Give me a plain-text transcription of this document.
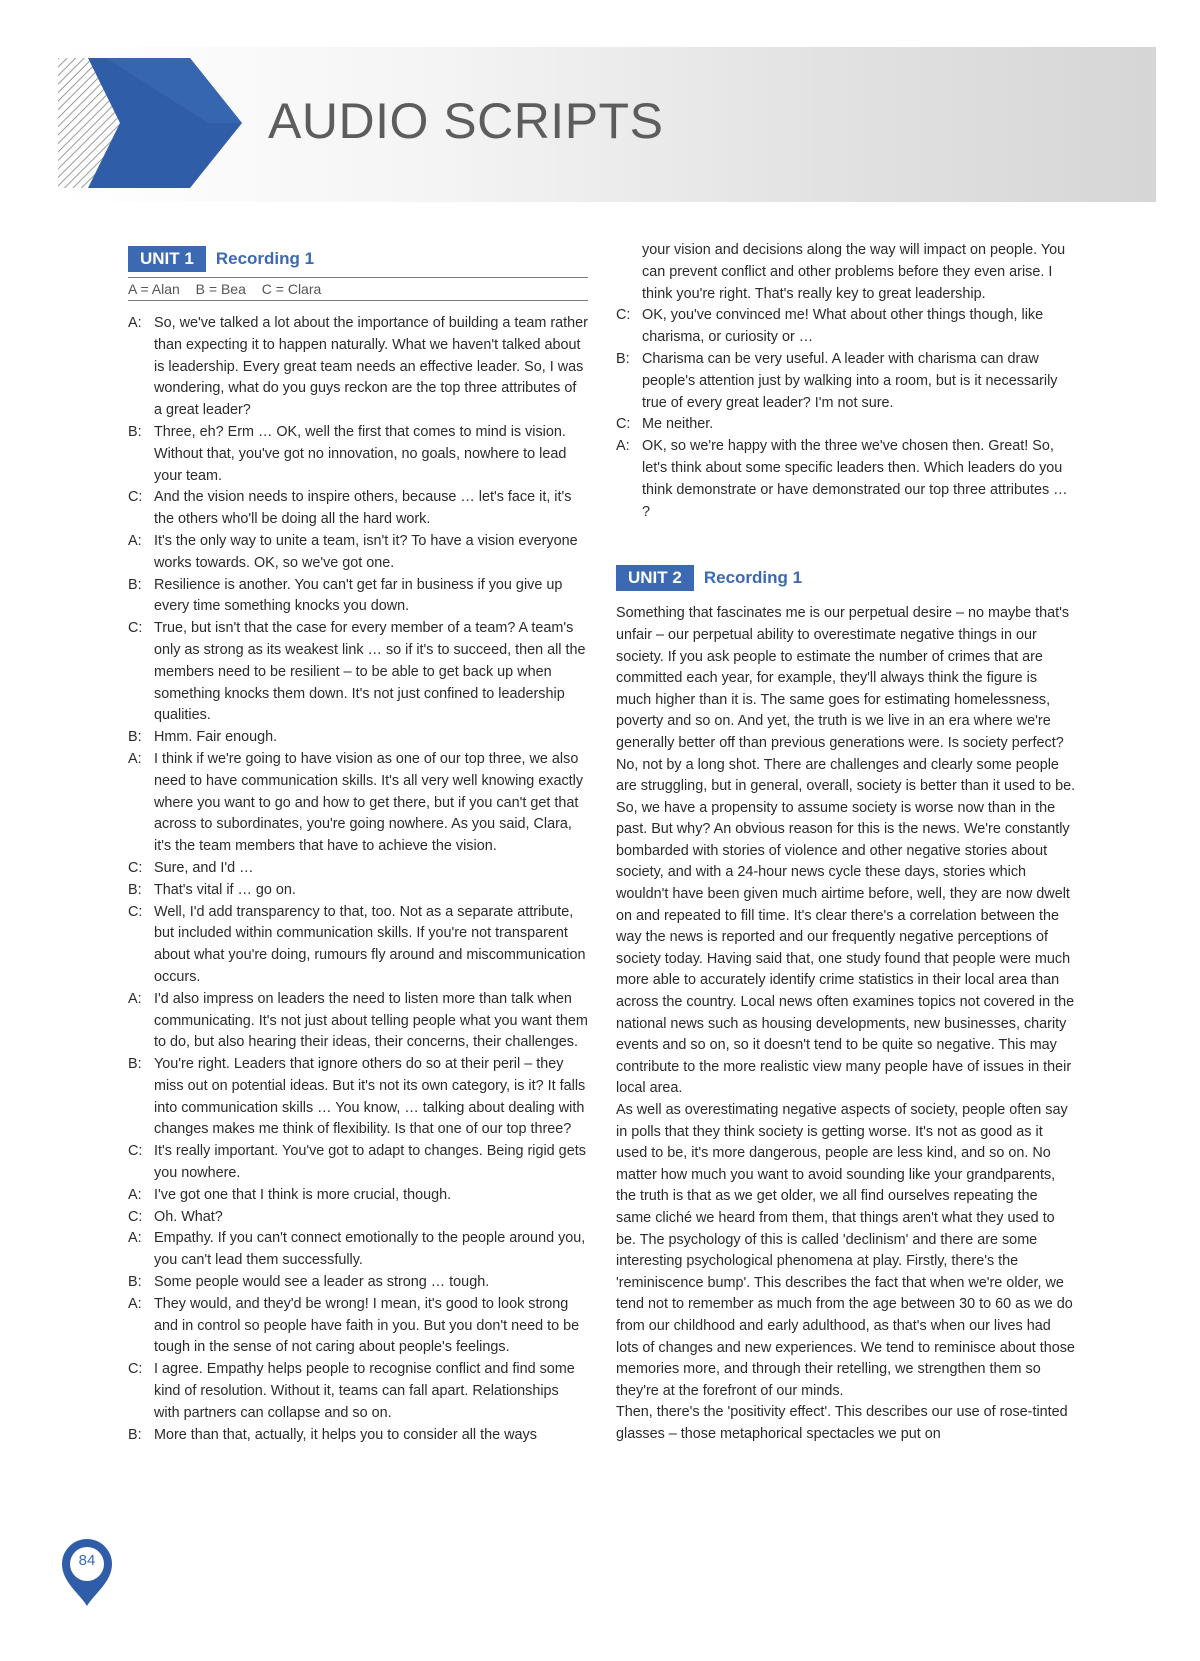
AUDIO SCRIPTS
UNIT 1	Recording 1
A = Alan B = Bea C = Clara
A: So, we've talked a lot about the importance of building a team rather than expecting it to happen naturally. What we haven't talked about is leadership. Every great team needs an effective leader. So, I was wondering, what do you guys reckon are the top three attributes of a great leader?
B: Three, eh? Erm … OK, well the first that comes to mind is vision. Without that, you've got no innovation, no goals, nowhere to lead your team.
C: And the vision needs to inspire others, because … let's face it, it's the others who'll be doing all the hard work.
A: It's the only way to unite a team, isn't it? To have a vision everyone works towards. OK, so we've got one.
B: Resilience is another. You can't get far in business if you give up every time something knocks you down.
C: True, but isn't that the case for every member of a team? A team's only as strong as its weakest link … so if it's to succeed, then all the members need to be resilient – to be able to get back up when something knocks them down. It's not just confined to leadership qualities.
B: Hmm. Fair enough.
A: I think if we're going to have vision as one of our top three, we also need to have communication skills. It's all very well knowing exactly where you want to go and how to get there, but if you can't get that across to subordinates, you're going nowhere. As you said, Clara, it's the team members that have to achieve the vision.
C: Sure, and I'd …
B: That's vital if … go on.
C: Well, I'd add transparency to that, too. Not as a separate attribute, but included within communication skills. If you're not transparent about what you're doing, rumours fly around and miscommunication occurs.
A: I'd also impress on leaders the need to listen more than talk when communicating. It's not just about telling people what you want them to do, but also hearing their ideas, their concerns, their challenges.
B: You're right. Leaders that ignore others do so at their peril – they miss out on potential ideas. But it's not its own category, is it? It falls into communication skills … You know, … talking about dealing with changes makes me think of flexibility. Is that one of our top three?
C: It's really important. You've got to adapt to changes. Being rigid gets you nowhere.
A: I've got one that I think is more crucial, though.
C: Oh. What?
A: Empathy. If you can't connect emotionally to the people around you, you can't lead them successfully.
B: Some people would see a leader as strong … tough.
A: They would, and they'd be wrong! I mean, it's good to look strong and in control so people have faith in you. But you don't need to be tough in the sense of not caring about people's feelings.
C: I agree. Empathy helps people to recognise conflict and find some kind of resolution. Without it, teams can fall apart. Relationships with partners can collapse and so on.
B: More than that, actually, it helps you to consider all the ways
your vision and decisions along the way will impact on people. You can prevent conflict and other problems before they even arise. I think you're right. That's really key to great leadership.
C: OK, you've convinced me! What about other things though, like charisma, or curiosity or …
B: Charisma can be very useful. A leader with charisma can draw people's attention just by walking into a room, but is it necessarily true of every great leader? I'm not sure.
C: Me neither.
A: OK, so we're happy with the three we've chosen then. Great! So, let's think about some specific leaders then. Which leaders do you think demonstrate or have demonstrated our top three attributes … ?
UNIT 2	Recording 1

Something that fascinates me is our perpetual desire – no maybe that's unfair – our perpetual ability to overestimate negative things in our society. If you ask people to estimate the number of crimes that are committed each year, for example, they'll always think the figure is much higher than it is. The same goes for estimating homelessness, poverty and so on. And yet, the truth is we live in an era where we're generally better off than previous generations were. Is society perfect? No, not by a long shot. There are challenges and clearly some people are struggling, but in general, overall, society is better than it used to be.

So, we have a propensity to assume society is worse now than in the past. But why? An obvious reason for this is the news. We're constantly bombarded with stories of violence and other negative stories about society, and with a 24-hour news cycle these days, stories which wouldn't have been given much airtime before, well, they are now dwelt on and repeated to fill time. It's clear there's a correlation between the way the news is reported and our frequently negative perceptions of society today. Having said that, one study found that people were much more able to accurately identify crime statistics in their local area than across the country. Local news often examines topics not covered in the national news such as housing developments, new businesses, charity events and so on, so it doesn't tend to be quite so negative. This may contribute to the more realistic view many people have of issues in their local area.

As well as overestimating negative aspects of society, people often say in polls that they think society is getting worse. It's not as good as it used to be, it's more dangerous, people are less kind, and so on. No matter how much you want to avoid sounding like your grandparents, the truth is that as we get older, we all find ourselves repeating the same cliché we heard from them, that things aren't what they used to be. The psychology of this is called 'declinism' and there are some interesting psychological phenomena at play. Firstly, there's the 'reminiscence bump'. This describes the fact that when we're older, we tend not to remember as much from the age between 30 to 60 as we do from our childhood and early adulthood, as that's when our lives had lots of changes and new experiences. We tend to reminisce about those memories more, and through their retelling, we strengthen them so they're at the forefront of our minds.

Then, there's the 'positivity effect'. This describes our use of rose-tinted glasses – those metaphorical spectacles we put on

84
